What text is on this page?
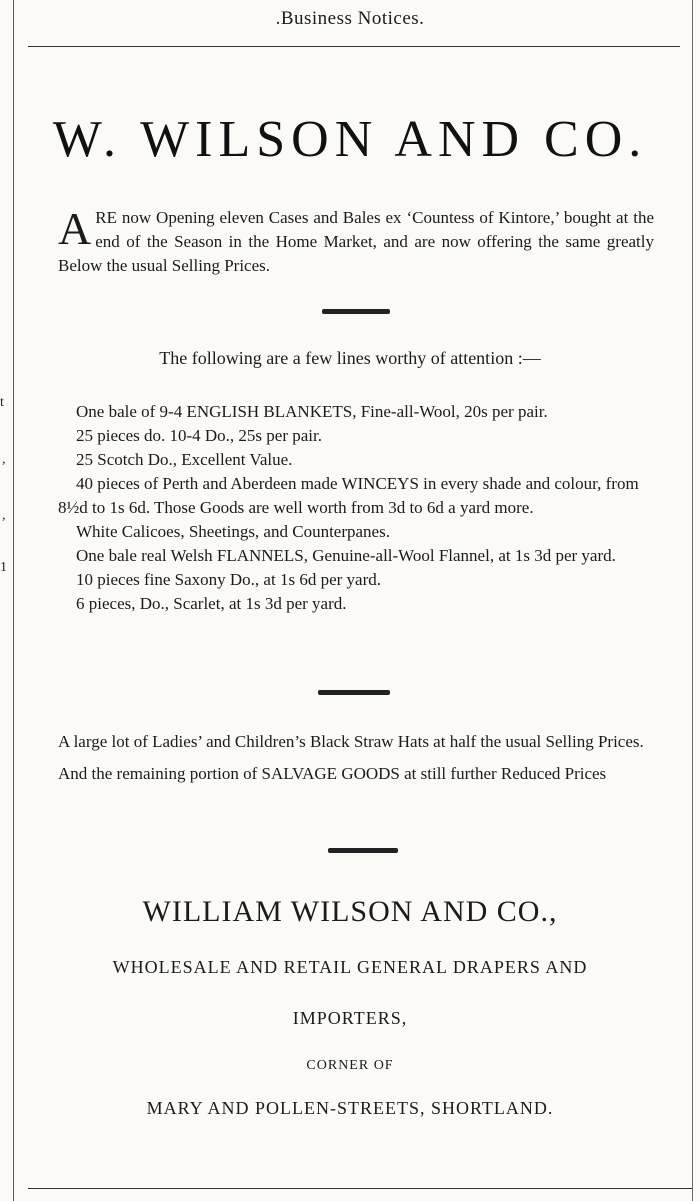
t
,
,
1
.Business Notices.
W. WILSON AND CO.
A RE now Opening eleven Cases and Bales ex ‘Countess of Kintore,’ bought at the end of the Season in the Home Market, and are now offering the same greatly Below the usual Selling Prices.
The following are a few lines worthy of attention :—

One bale of 9-4 ENGLISH BLANKETS, Fine-all-Wool, 20s per pair.

25 pieces do. 10-4 Do., 25s per pair.

25 Scotch Do., Excellent Value.

40 pieces of Perth and Aberdeen made WINCEYS in every shade and colour, from 8½d to 1s 6d. Those Goods are well worth from 3d to 6d a yard more.

White Calicoes, Sheetings, and Counterpanes.

One bale real Welsh FLANNELS, Genuine-all-Wool Flannel, at 1s 3d per yard.

10 pieces fine Saxony Do., at 1s 6d per yard.

6 pieces, Do., Scarlet, at 1s 3d per yard.

A large lot of Ladies’ and Children’s Black Straw Hats at half the usual Selling Prices.

And the remaining portion of SALVAGE GOODS at still further Reduced Prices

WILLIAM WILSON AND CO.,
WHOLESALE AND RETAIL GENERAL DRAPERS AND
IMPORTERS,
CORNER OF
MARY AND POLLEN-STREETS, SHORTLAND.
